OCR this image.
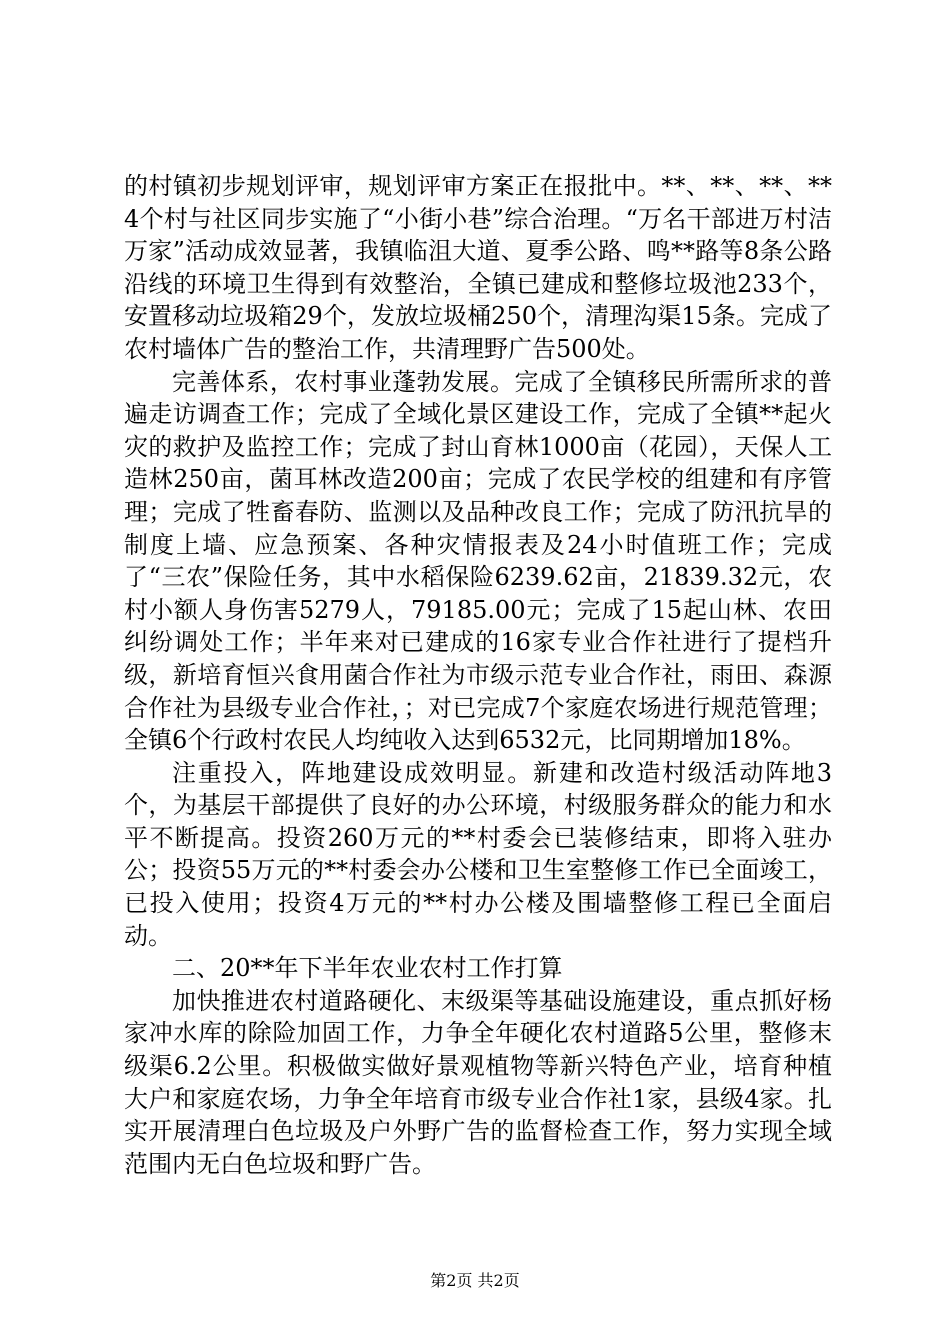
的村镇初步规划评审，规划评审方案正在报批中。**、**、**、**4个村与社区同步实施了“小街小巷”综合治理。“万名干部进万村洁万家”活动成效显著，我镇临沮大道、夏季公路、鸣**路等8条公路沿线的环境卫生得到有效整治，全镇已建成和整修垃圾池233个，安置移动垃圾箱29个，发放垃圾桶250个，清理沟渠15条。完成了农村墙体广告的整治工作，共清理野广告500处。

完善体系，农村事业蓬勃发展。完成了全镇移民所需所求的普遍走访调查工作；完成了全域化景区建设工作，完成了全镇**起火灾的救护及监控工作；完成了封山育林1000亩（花园），天保人工造林250亩，菌耳林改造200亩；完成了农民学校的组建和有序管理；完成了牲畜春防、监测以及品种改良工作；完成了防汛抗旱的制度上墙、应急预案、各种灾情报表及24小时值班工作；完成了“三农”保险任务，其中水稻保险6239.62亩，21839.32元，农村小额人身伤害5279人，79185.00元；完成了15起山林、农田纠纷调处工作；半年来对已建成的16家专业合作社进行了提档升级，新培育恒兴食用菌合作社为市级示范专业合作社，雨田、森源合作社为县级专业合作社，；对已完成7个家庭农场进行规范管理；全镇6个行政村农民人均纯收入达到6532元，比同期增加18%。

注重投入，阵地建设成效明显。新建和改造村级活动阵地3个，为基层干部提供了良好的办公环境，村级服务群众的能力和水平不断提高。投资260万元的**村委会已装修结束，即将入驻办公；投资55万元的**村委会办公楼和卫生室整修工作已全面竣工，已投入使用；投资4万元的**村办公楼及围墙整修工程已全面启动。

二、20**年下半年农业农村工作打算

加快推进农村道路硬化、末级渠等基础设施建设，重点抓好杨家冲水库的除险加固工作，力争全年硬化农村道路5公里，整修末级渠6.2公里。积极做实做好景观植物等新兴特色产业，培育种植大户和家庭农场，力争全年培育市级专业合作社1家，县级4家。扎实开展清理白色垃圾及户外野广告的监督检查工作，努力实现全域范围内无白色垃圾和野广告。

第2页 共2页
